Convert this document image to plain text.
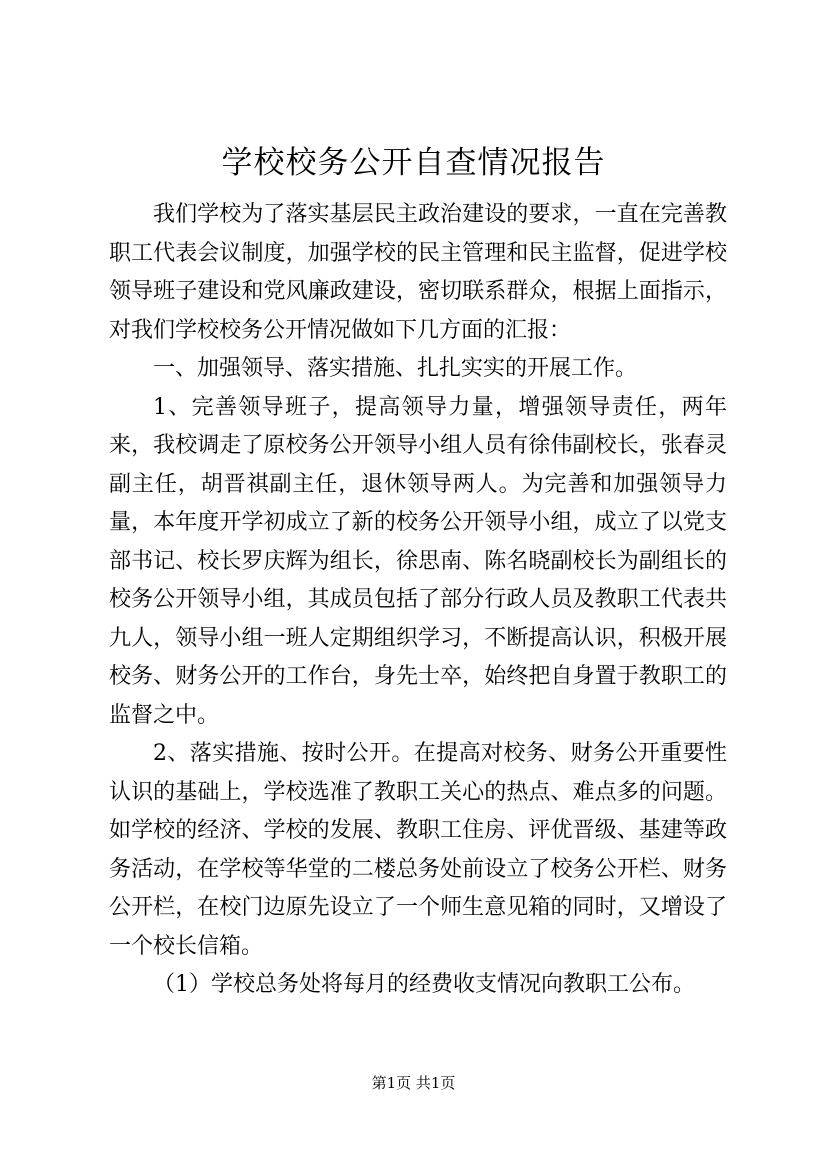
学校校务公开自查情况报告

我们学校为了落实基层民主政治建设的要求，一直在完善教职工代表会议制度，加强学校的民主管理和民主监督，促进学校领导班子建设和党风廉政建设，密切联系群众，根据上面指示，对我们学校校务公开情况做如下几方面的汇报：

一、加强领导、落实措施、扎扎实实的开展工作。

1、完善领导班子，提高领导力量，增强领导责任，两年来，我校调走了原校务公开领导小组人员有徐伟副校长，张春灵副主任，胡晋祺副主任，退休领导两人。为完善和加强领导力量，本年度开学初成立了新的校务公开领导小组，成立了以党支部书记、校长罗庆辉为组长，徐思南、陈名晓副校长为副组长的校务公开领导小组，其成员包括了部分行政人员及教职工代表共九人，领导小组一班人定期组织学习，不断提高认识，积极开展校务、财务公开的工作台，身先士卒，始终把自身置于教职工的监督之中。

2、落实措施、按时公开。在提高对校务、财务公开重要性认识的基础上，学校选准了教职工关心的热点、难点多的问题。如学校的经济、学校的发展、教职工住房、评优晋级、基建等政务活动，在学校等华堂的二楼总务处前设立了校务公开栏、财务公开栏，在校门边原先设立了一个师生意见箱的同时，又增设了一个校长信箱。

（1）学校总务处将每月的经费收支情况向教职工公布。

第1页 共1页
